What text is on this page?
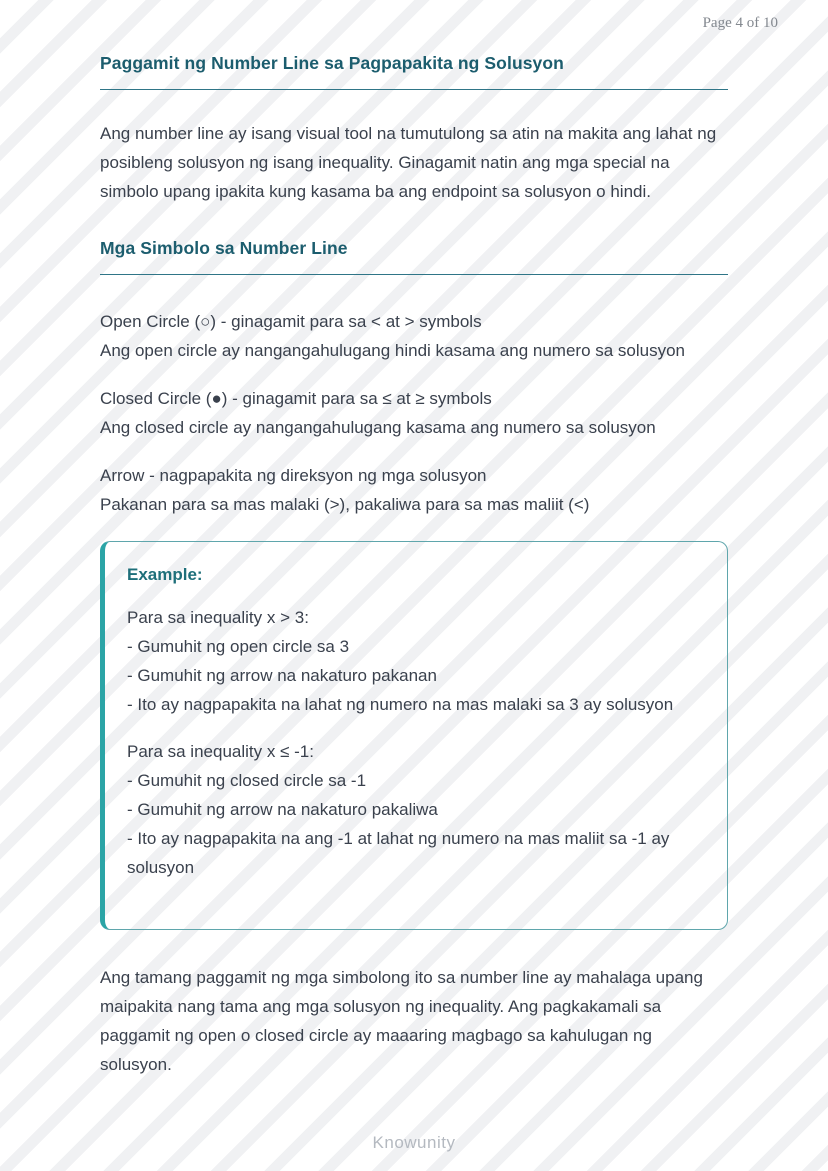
Page 4 of 10
Paggamit ng Number Line sa Pagpapakita ng Solusyon

Ang number line ay isang visual tool na tumutulong sa atin na makita ang lahat ng posibleng solusyon ng isang inequality. Ginagamit natin ang mga special na simbolo upang ipakita kung kasama ba ang endpoint sa solusyon o hindi.

Mga Simbolo sa Number Line
Open Circle (○) - ginagamit para sa < at > symbols
Ang open circle ay nangangahulugang hindi kasama ang numero sa solusyon
Closed Circle (●) - ginagamit para sa ≤ at ≥ symbols
Ang closed circle ay nangangahulugang kasama ang numero sa solusyon
Arrow - nagpapakita ng direksyon ng mga solusyon
Pakanan para sa mas malaki (>), pakaliwa para sa mas maliit (<)
Example:
Para sa inequality x > 3:
- Gumuhit ng open circle sa 3
- Gumuhit ng arrow na nakaturo pakanan
- Ito ay nagpapakita na lahat ng numero na mas malaki sa 3 ay solusyon
Para sa inequality x ≤ -1:
- Gumuhit ng closed circle sa -1
- Gumuhit ng arrow na nakaturo pakaliwa
- Ito ay nagpapakita na ang -1 at lahat ng numero na mas maliit sa -1 ay solusyon

Ang tamang paggamit ng mga simbolong ito sa number line ay mahalaga upang maipakita nang tama ang mga solusyon ng inequality. Ang pagkakamali sa paggamit ng open o closed circle ay maaaring magbago sa kahulugan ng solusyon.

Knowunity
